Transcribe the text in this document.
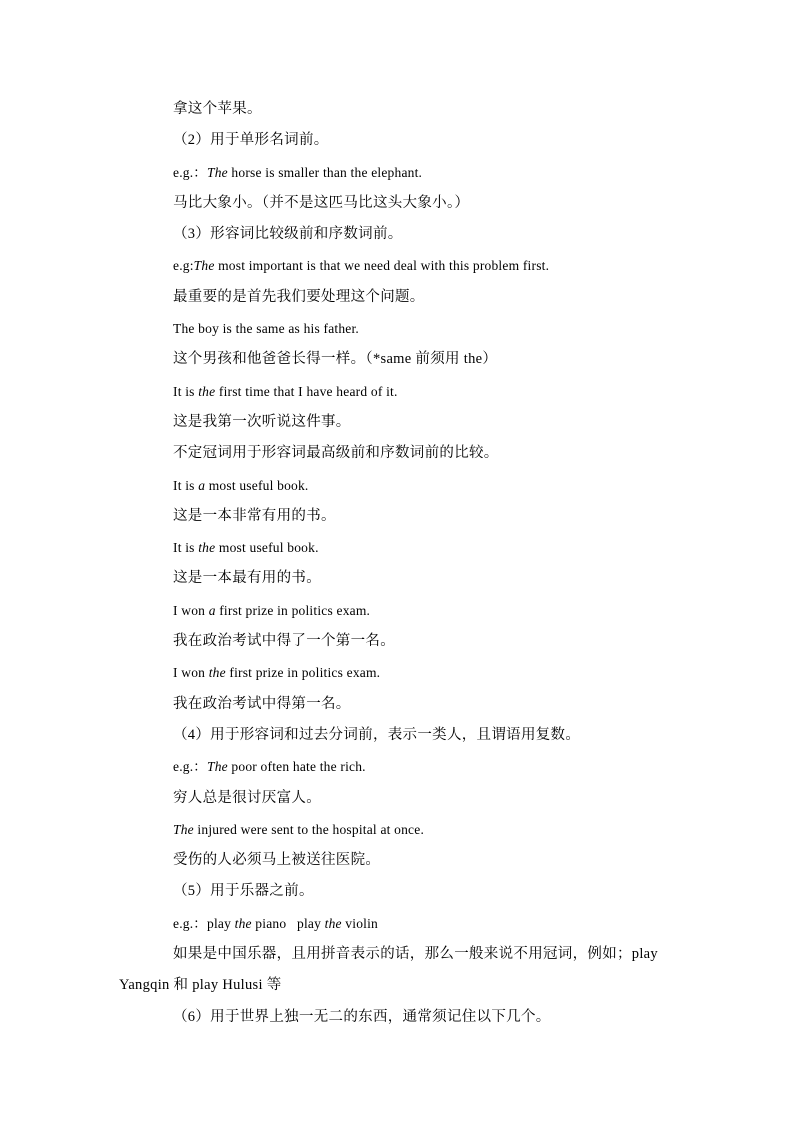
拿这个苹果。
（2）用于单形名词前。
e.g.：The horse is smaller than the elephant.
马比大象小。（并不是这匹马比这头大象小。）
（3）形容词比较级前和序数词前。
e.g:The most important is that we need deal with this problem first.
最重要的是首先我们要处理这个问题。
The boy is the same as his father.
这个男孩和他爸爸长得一样。（*same 前须用 the）
It is the first time that I have heard of it.
这是我第一次听说这件事。
不定冠词用于形容词最高级前和序数词前的比较。
It is a most useful book.
这是一本非常有用的书。
It is the most useful book.
这是一本最有用的书。
I won a first prize in politics exam.
我在政治考试中得了一个第一名。
I won the first prize in politics exam.
我在政治考试中得第一名。
（4）用于形容词和过去分词前，表示一类人，且谓语用复数。
e.g.：The poor often hate the rich.
穷人总是很讨厌富人。
The injured were sent to the hospital at once.
受伤的人必须马上被送往医院。
（5）用于乐器之前。
e.g.：play the piano   play the violin
如果是中国乐器，且用拼音表示的话，那么一般来说不用冠词，例如；play
Yangqin 和 play Hulusi 等
（6）用于世界上独一无二的东西，通常须记住以下几个。
